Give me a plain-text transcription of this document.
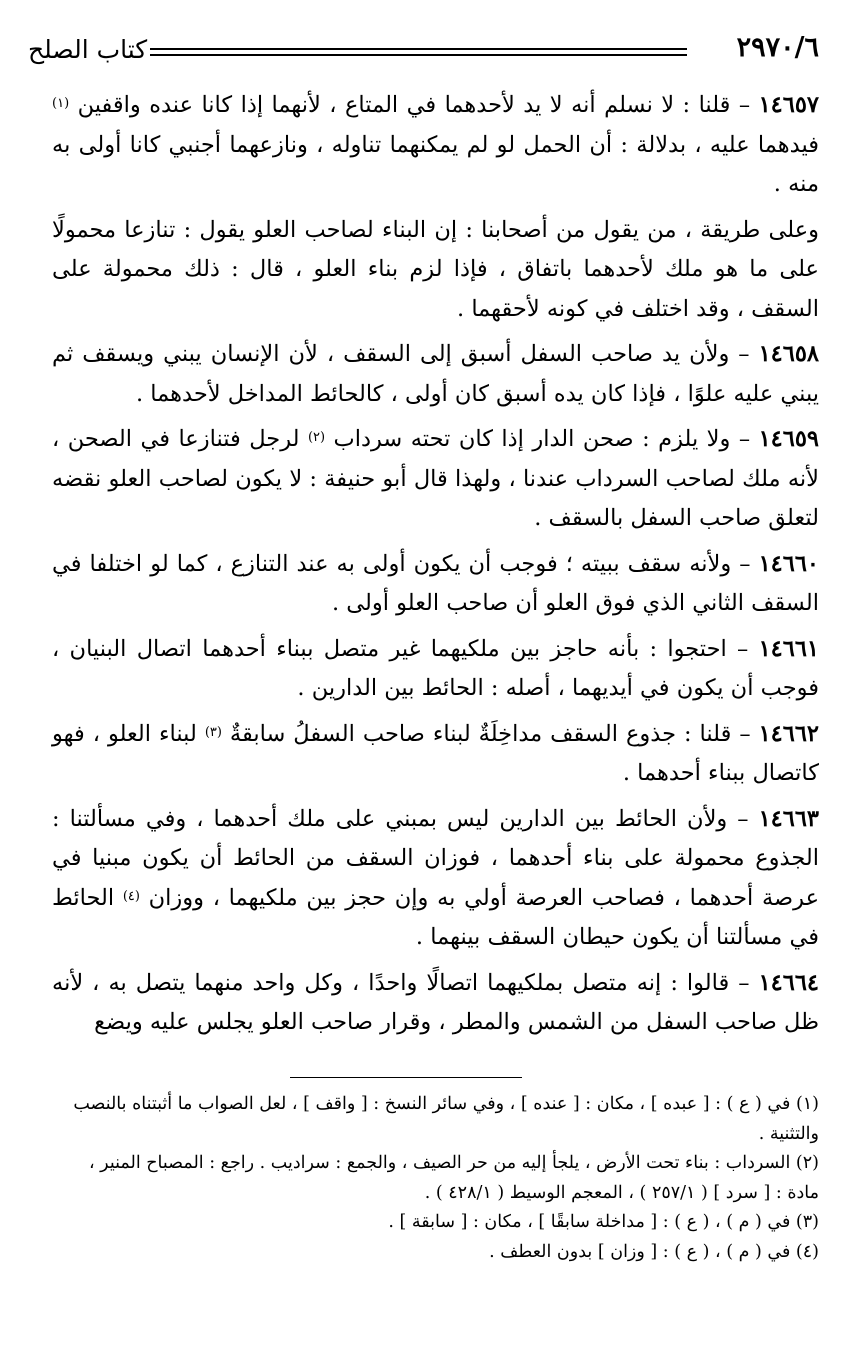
٢٩٧٠/٦
كتاب الصلح

١٤٦٥٧ – قلنا : لا نسلم أنه لا يد لأحدهما في المتاع ، لأنهما إذا كانا عنده واقفين $^{(١)}$ فيدهما عليه ، بدلالة : أن الحمل لو لم يمكنهما تناوله ، ونازعهما أجنبي كانا أولى به منه .

وعلى طريقة ، من يقول من أصحابنا : إن البناء لصاحب العلو يقول : تنازعا محمولًا على ما هو ملك لأحدهما باتفاق ، فإذا لزم بناء العلو ، قال : ذلك محمولة على السقف ، وقد اختلف في كونه لأحقهما .

١٤٦٥٨ – ولأن يد صاحب السفل أسبق إلى السقف ، لأن الإنسان يبني ويسقف ثم يبني عليه علوًا ، فإذا كان يده أسبق كان أولى ، كالحائط المداخل لأحدهما .

١٤٦٥٩ – ولا يلزم : صحن الدار إذا كان تحته سرداب $^{(٢)}$ لرجل فتنازعا في الصحن ، لأنه ملك لصاحب السرداب عندنا ، ولهذا قال أبو حنيفة : لا يكون لصاحب العلو نقضه لتعلق صاحب السفل بالسقف .

١٤٦٦٠ – ولأنه سقف ببيته ؛ فوجب أن يكون أولى به عند التنازع ، كما لو اختلفا في السقف الثاني الذي فوق العلو أن صاحب العلو أولى .

١٤٦٦١ – احتجوا : بأنه حاجز بين ملكيهما غير متصل ببناء أحدهما اتصال البنيان ، فوجب أن يكون في أيديهما ، أصله : الحائط بين الدارين .

١٤٦٦٢ – قلنا : جذوع السقف مداخِلَةٌ لبناء صاحب السفلُ سابقةٌ $^{(٣)}$ لبناء العلو ، فهو كاتصال ببناء أحدهما .

١٤٦٦٣ – ولأن الحائط بين الدارين ليس بمبني على ملك أحدهما ، وفي مسألتنا : الجذوع محمولة على بناء أحدهما ، فوزان السقف من الحائط أن يكون مبنيا في عرصة أحدهما ، فصاحب العرصة أولي به وإن حجز بين ملكيهما ، ووزان $^{(٤)}$ الحائط في مسألتنا أن يكون حيطان السقف بينهما .

١٤٦٦٤ – قالوا : إنه متصل بملكيهما اتصالًا واحدًا ، وكل واحد منهما يتصل به ، لأنه ظل صاحب السفل من الشمس والمطر ، وقرار صاحب العلو يجلس عليه ويضع

(١) في ( ع ) : [ عبده ] ، مكان : [ عنده ] ، وفي سائر النسخ : [ واقف ] ، لعل الصواب ما أثبتناه بالنصب والتثنية .

(٢) السرداب : بناء تحت الأرض ، يلجأ إليه من حر الصيف ، والجمع : سراديب . راجع : المصباح المنير ، مادة : [ سرد ] ( ٢٥٧/١ ) ، المعجم الوسيط ( ٤٢٨/١ ) .

(٣) في ( م ) ، ( ع ) : [ مداخلة سابقًا ] ، مكان : [ سابقة ] .

(٤) في ( م ) ، ( ع ) : [ وزان ] بدون العطف .
